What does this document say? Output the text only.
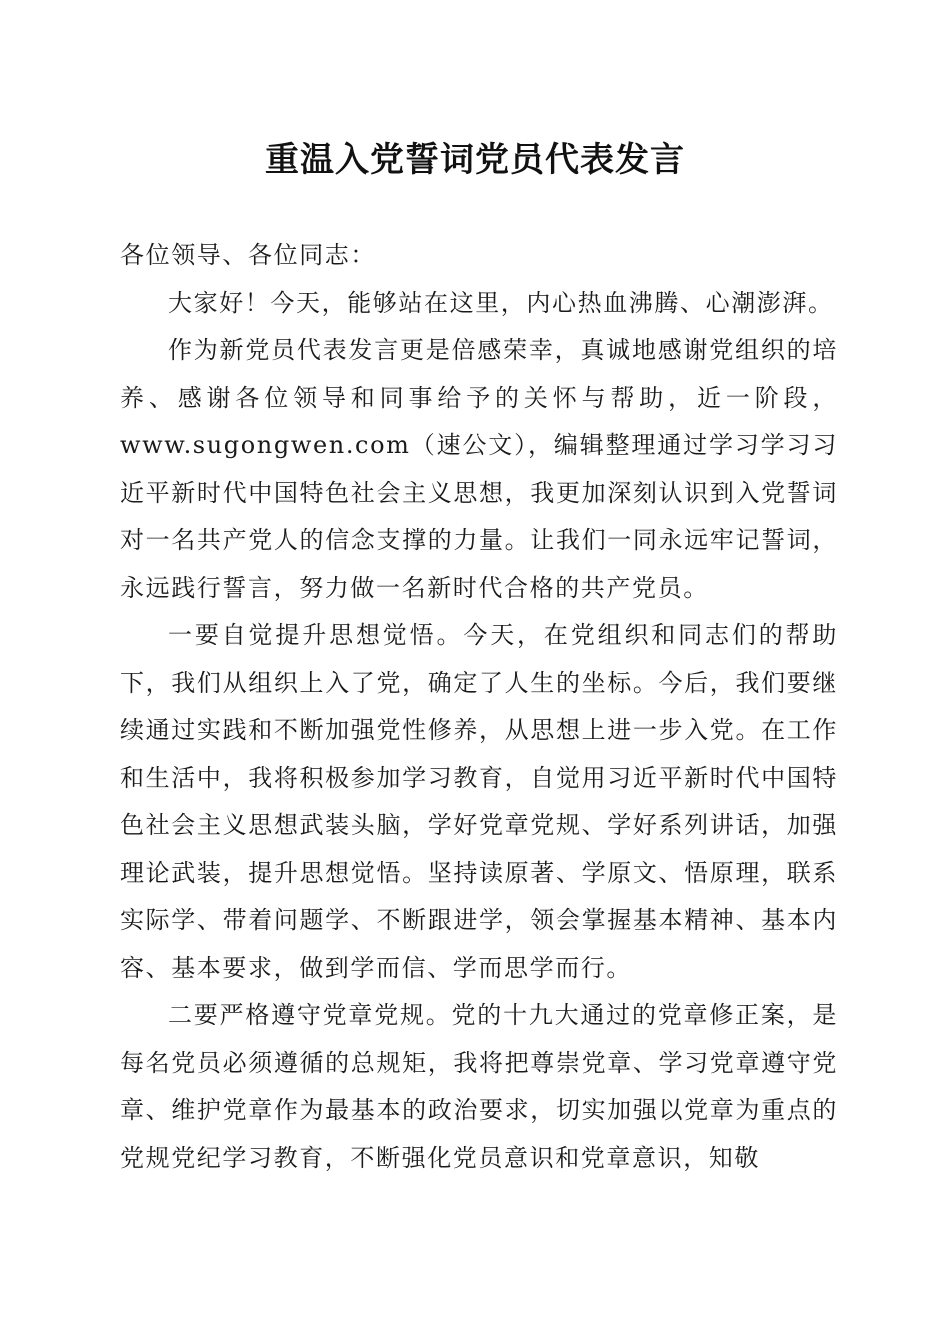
重温入党誓词党员代表发言

各位领导、各位同志：

大家好！今天，能够站在这里，内心热血沸腾、心潮澎湃。

作为新党员代表发言更是倍感荣幸，真诚地感谢党组织的培养、感谢各位领导和同事给予的关怀与帮助，近一阶段，www.sugongwen.com（速公文），编辑整理通过学习学习习近平新时代中国特色社会主义思想，我更加深刻认识到入党誓词对一名共产党人的信念支撑的力量。让我们一同永远牢记誓词，永远践行誓言，努力做一名新时代合格的共产党员。

一要自觉提升思想觉悟。今天，在党组织和同志们的帮助下，我们从组织上入了党，确定了人生的坐标。今后，我们要继续通过实践和不断加强党性修养，从思想上进一步入党。在工作和生活中，我将积极参加学习教育，自觉用习近平新时代中国特色社会主义思想武装头脑，学好党章党规、学好系列讲话，加强理论武装，提升思想觉悟。坚持读原著、学原文、悟原理，联系实际学、带着问题学、不断跟进学，领会掌握基本精神、基本内容、基本要求，做到学而信、学而思学而行。

二要严格遵守党章党规。党的十九大通过的党章修正案，是每名党员必须遵循的总规矩，我将把尊崇党章、学习党章遵守党章、维护党章作为最基本的政治要求，切实加强以党章为重点的党规党纪学习教育，不断强化党员意识和党章意识，知敬
